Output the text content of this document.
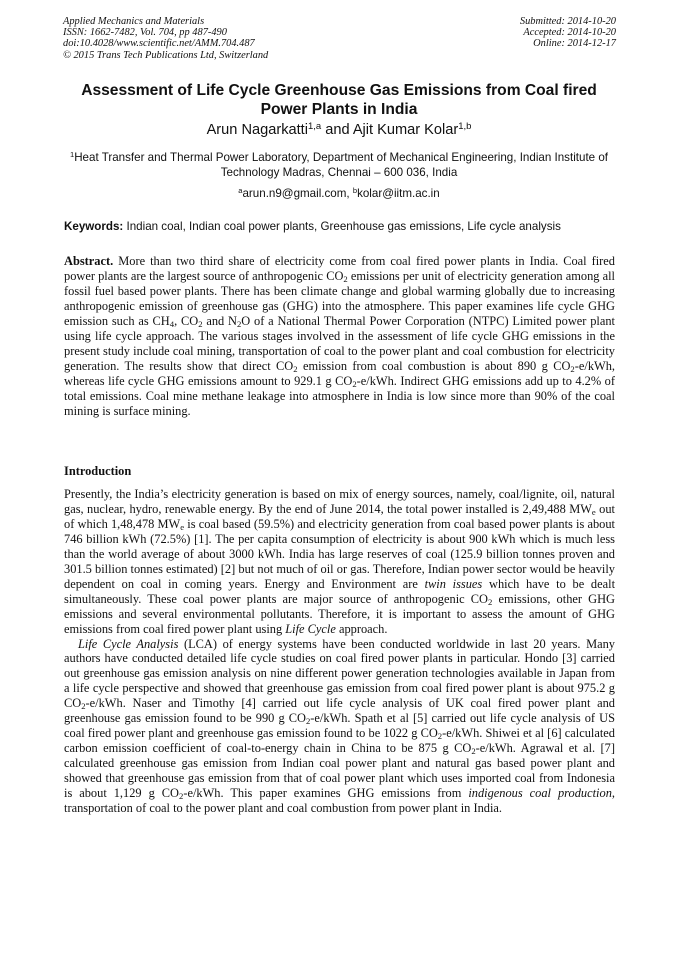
Applied Mechanics and Materials
ISSN: 1662-7482, Vol. 704, pp 487-490
doi:10.4028/www.scientific.net/AMM.704.487
© 2015 Trans Tech Publications Ltd, Switzerland
Submitted: 2014-10-20
Accepted: 2014-10-20
Online: 2014-12-17
Assessment of Life Cycle Greenhouse Gas Emissions from Coal fired Power Plants in India
Arun Nagarkatti$^{1,a}$ and Ajit Kumar Kolar$^{1,b}$
$^1$Heat Transfer and Thermal Power Laboratory, Department of Mechanical Engineering, Indian Institute of Technology Madras, Chennai – 600 036, India
$^a$arun.n9@gmail.com, $^b$kolar@iitm.ac.in
Keywords: Indian coal, Indian coal power plants, Greenhouse gas emissions, Life cycle analysis
Abstract. More than two third share of electricity come from coal fired power plants in India. Coal fired power plants are the largest source of anthropogenic $CO_2$ emissions per unit of electricity generation among all fossil fuel based power plants. There has been climate change and global warming globally due to increasing anthropogenic emission of greenhouse gas (GHG) into the atmosphere. This paper examines life cycle GHG emission such as $CH_4$, $CO_2$ and $N_2O$ of a National Thermal Power Corporation (NTPC) Limited power plant using life cycle approach. The various stages involved in the assessment of life cycle GHG emissions in the present study include coal mining, transportation of coal to the power plant and coal combustion for electricity generation. The results show that direct $CO_2$ emission from coal combustion is about 890 g $CO_2-e$/kWh, whereas life cycle GHG emissions amount to 929.1 g $CO_2-e$/kWh. Indirect GHG emissions add up to 4.2% of total emissions. Coal mine methane leakage into atmosphere in India is low since more than 90% of the coal mining is surface mining.
Introduction

Presently, the India’s electricity generation is based on mix of energy sources, namely, coal/lignite, oil, natural gas, nuclear, hydro, renewable energy. By the end of June 2014, the total power installed is 2,49,488 $MW_e$ out of which 1,48,478 $MW_e$ is coal based (59.5%) and electricity generation from coal based power plants is about 746 billion kWh (72.5%) [1]. The per capita consumption of electricity is about 900 kWh which is much less than the world average of about 3000 kWh. India has large reserves of coal (125.9 billion tonnes proven and 301.5 billion tonnes estimated) [2] but not much of oil or gas. Therefore, Indian power sector would be heavily dependent on coal in coming years. Energy and Environment are twin issues which have to be dealt simultaneously. These coal power plants are major source of anthropogenic $CO_2$ emissions, other GHG emissions and several environmental pollutants. Therefore, it is important to assess the amount of GHG emissions from coal fired power plant using Life Cycle approach.

Life Cycle Analysis (LCA) of energy systems have been conducted worldwide in last 20 years. Many authors have conducted detailed life cycle studies on coal fired power plants in particular. Hondo [3] carried out greenhouse gas emission analysis on nine different power generation technologies available in Japan from a life cycle perspective and showed that greenhouse gas emission from coal fired power plant is about 975.2 g $CO_2-e$/kWh. Naser and Timothy [4] carried out life cycle analysis of UK coal fired power plant and greenhouse gas emission found to be 990 g $CO_2-e$/kWh. Spath et al [5] carried out life cycle analysis of US coal fired power plant and greenhouse gas emission found to be 1022 g $CO_2-e$/kWh. Shiwei et al [6] calculated carbon emission coefficient of coal-to-energy chain in China to be 875 g $CO_2-e$/kWh. Agrawal et al. [7] calculated greenhouse gas emission from Indian coal power plant and natural gas based power plant and showed that greenhouse gas emission from that of coal power plant which uses imported coal from Indonesia is about 1,129 g $CO_2-e$/kWh. This paper examines GHG emissions from indigenous coal production, transportation of coal to the power plant and coal combustion from power plant in India.
